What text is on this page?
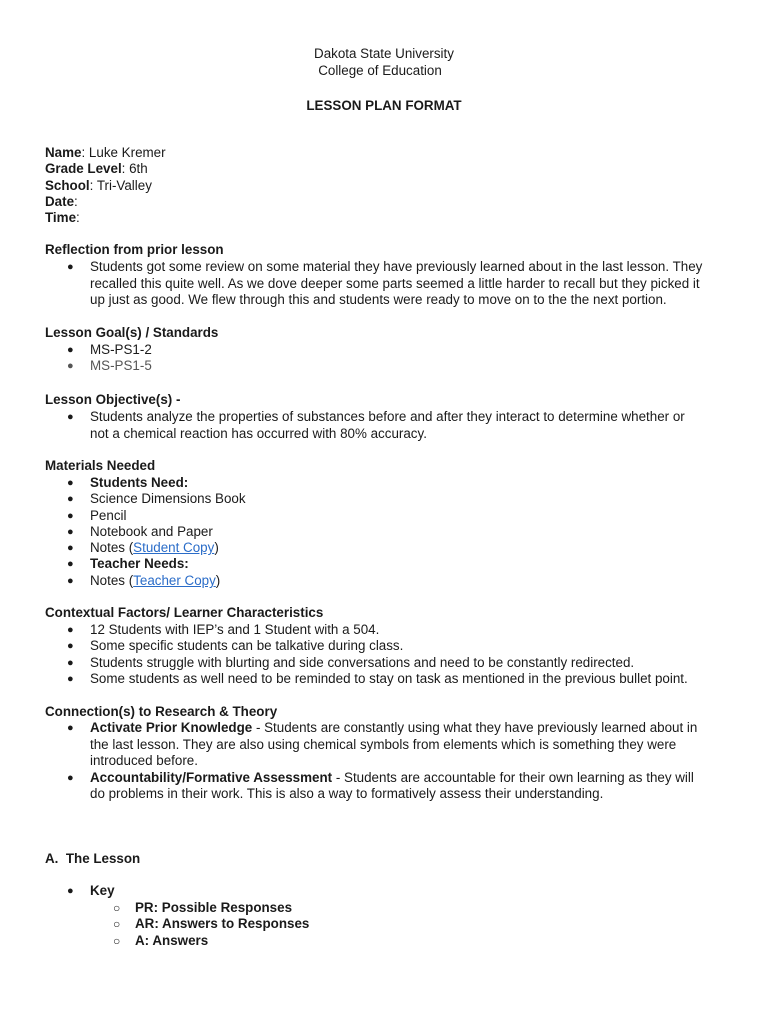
Dakota State University
College of Education
LESSON PLAN FORMAT
Name: Luke Kremer
Grade Level: 6th
School: Tri-Valley
Date:
Time:
Reflection from prior lesson
● Students got some review on some material they have previously learned about in the last lesson. They
recalled this quite well. As we dove deeper some parts seemed a little harder to recall but they picked it
up just as good. We flew through this and students were ready to move on to the the next portion.
Lesson Goal(s) / Standards
● MS-PS1-2
● MS-PS1-5
Lesson Objective(s) -
● Students analyze the properties of substances before and after they interact to determine whether or
not a chemical reaction has occurred with 80% accuracy.
Materials Needed
● Students Need:
● Science Dimensions Book
● Pencil
● Notebook and Paper
● Notes (Student Copy)
● Teacher Needs:
● Notes (Teacher Copy)
Contextual Factors/ Learner Characteristics
● 12 Students with IEP’s and 1 Student with a 504.
● Some specific students can be talkative during class.
● Students struggle with blurting and side conversations and need to be constantly redirected.
● Some students as well need to be reminded to stay on task as mentioned in the previous bullet point.
Connection(s) to Research & Theory
● Activate Prior Knowledge - Students are constantly using what they have previously learned about in
the last lesson. They are also using chemical symbols from elements which is something they were
introduced before.
● Accountability/Formative Assessment - Students are accountable for their own learning as they will
do problems in their work. This is also a way to formatively assess their understanding.
A.  The Lesson
● Key
○ PR: Possible Responses
○ AR: Answers to Responses
○ A: Answers
